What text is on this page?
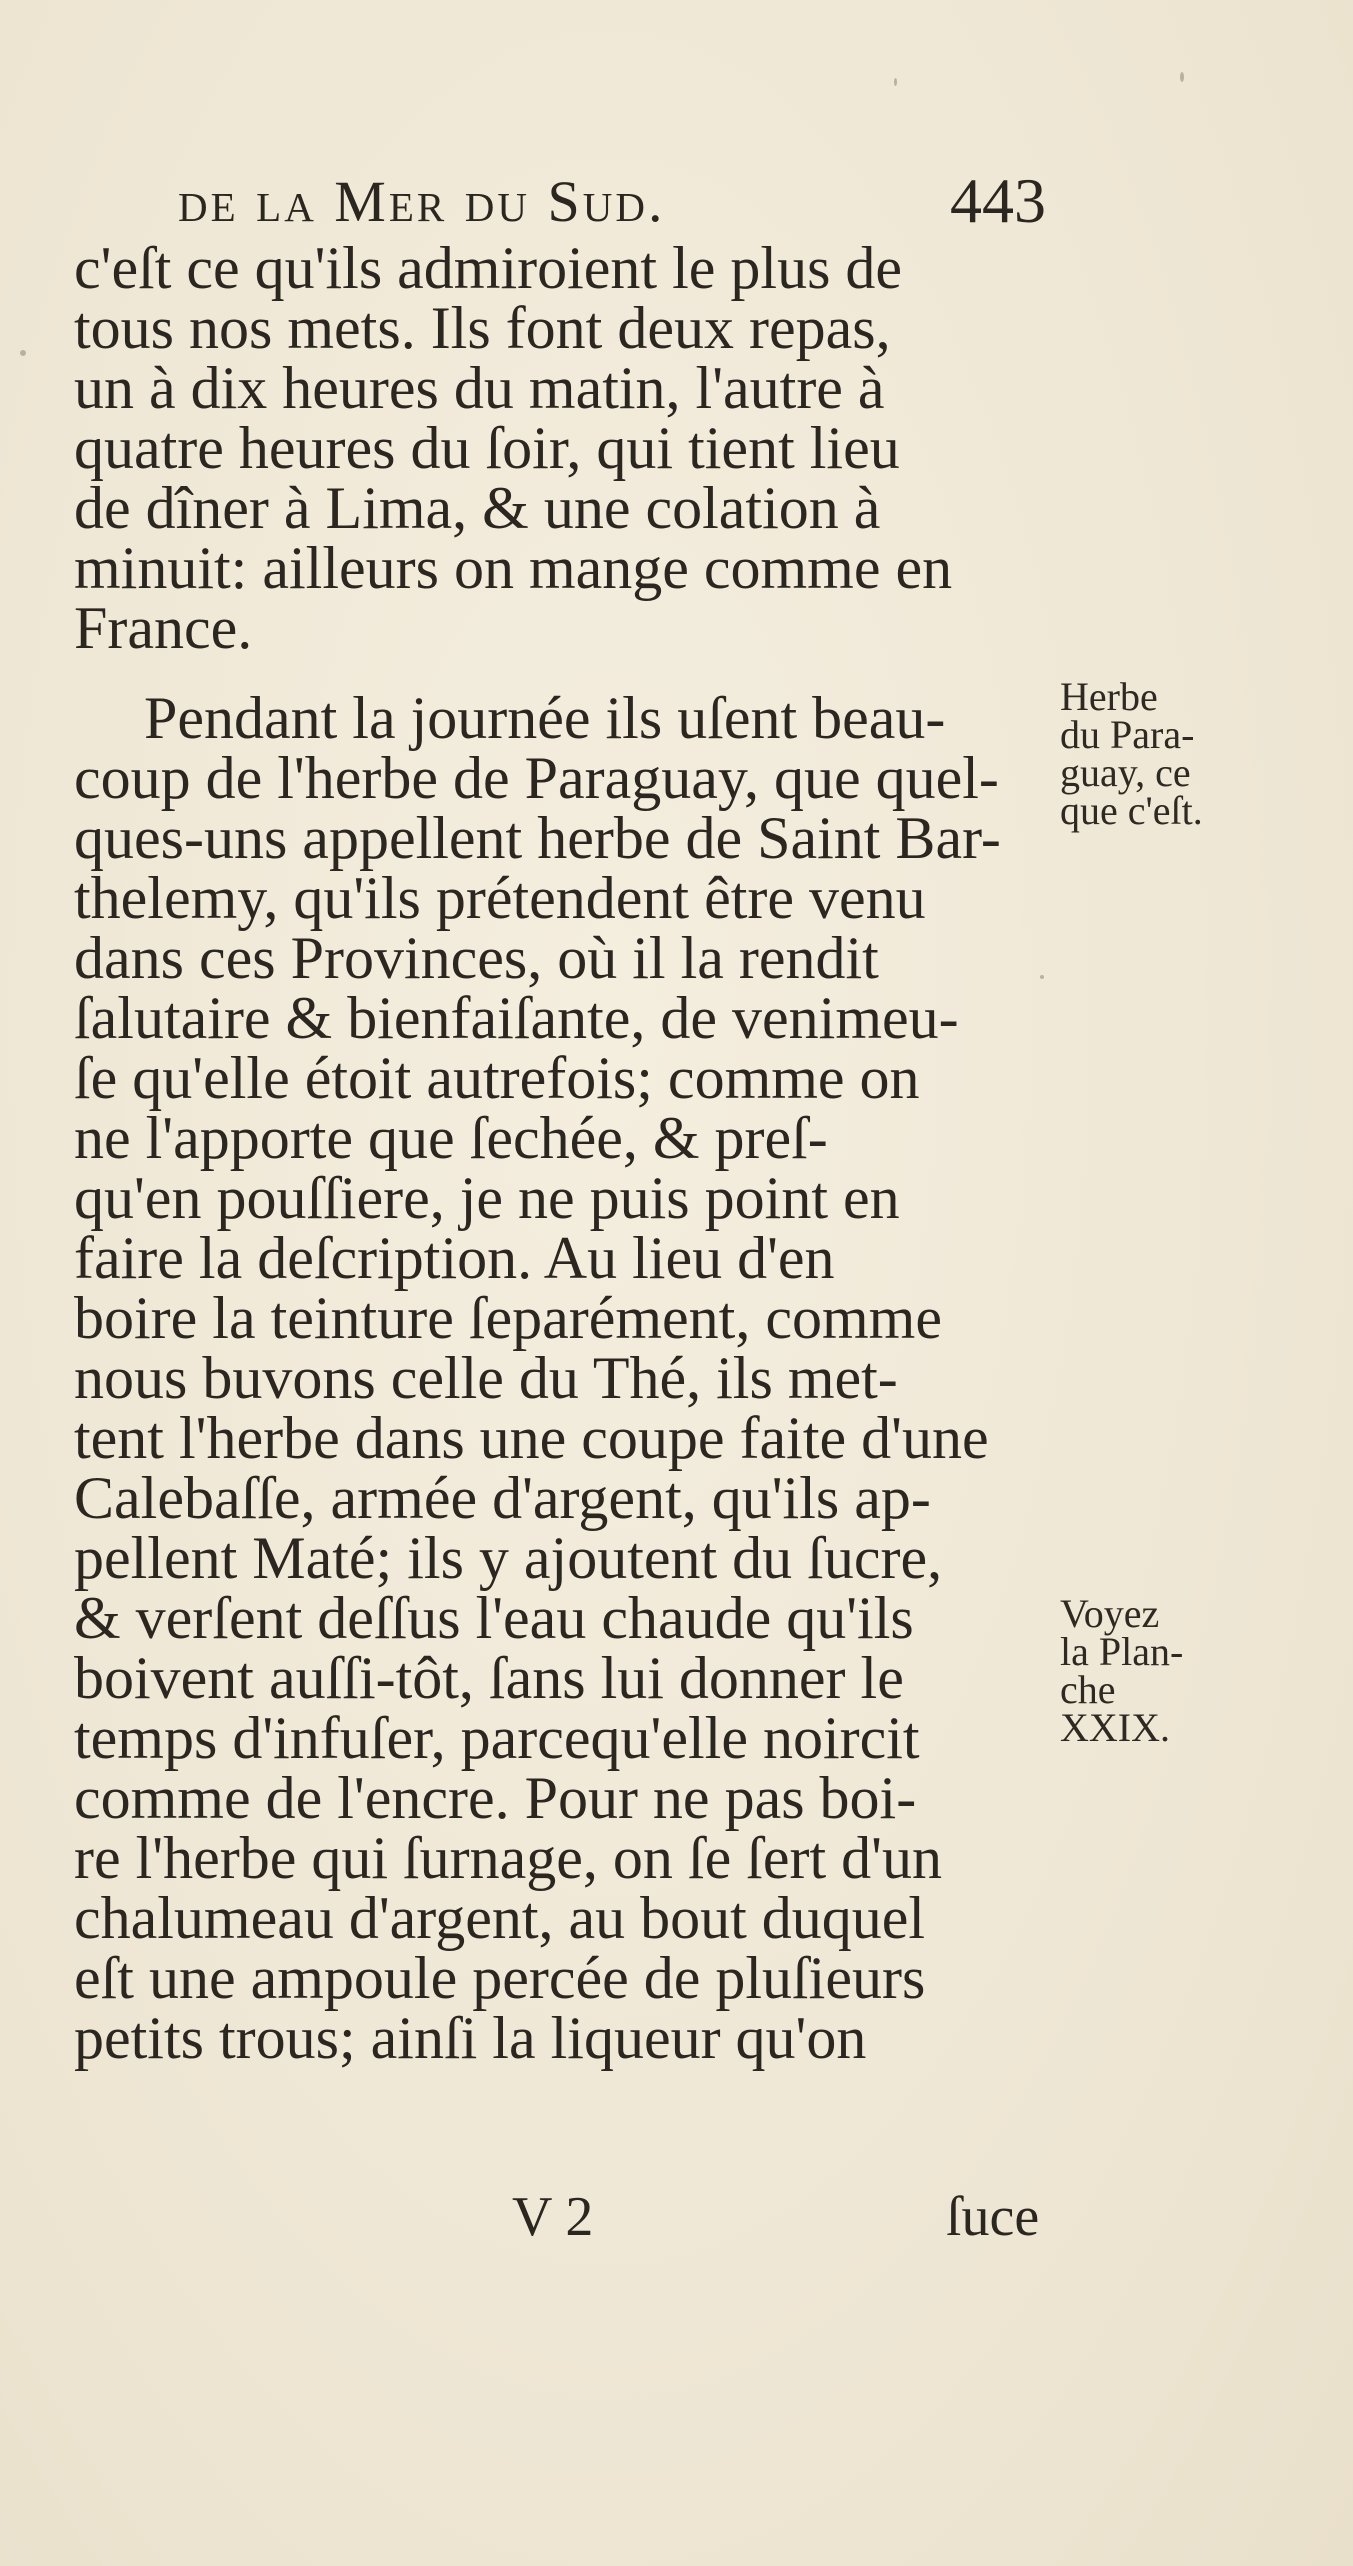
de la Mer du Sud.	443
c'eſt ce qu'ils admiroient le plus de
tous nos mets. Ils font deux repas,
un à dix heures du matin, l'autre à
quatre heures du ſoir, qui tient lieu
de dîner à Lima, & une colation à
minuit: ailleurs on mange comme en
France.
Pendant la journée ils uſent beau-
coup de l'herbe de Paraguay, que quel-
ques-uns appellent herbe de Saint Bar-
thelemy, qu'ils prétendent être venu
dans ces Provinces, où il la rendit
ſalutaire & bienfaiſante, de venimeu-
ſe qu'elle étoit autrefois; comme on
ne l'apporte que ſechée, & preſ-
qu'en pouſſiere, je ne puis point en
faire la deſcription. Au lieu d'en
boire la teinture ſeparément, comme
nous buvons celle du Thé, ils met-
tent l'herbe dans une coupe faite d'une
Calebaſſe, armée d'argent, qu'ils ap-
pellent Maté; ils y ajoutent du ſucre,
& verſent deſſus l'eau chaude qu'ils
boivent auſſi-tôt, ſans lui donner le
temps d'infuſer, parcequ'elle noircit
comme de l'encre. Pour ne pas boi-
re l'herbe qui ſurnage, on ſe ſert d'un
chalumeau d'argent, au bout duquel
eſt une ampoule percée de pluſieurs
petits trous; ainſi la liqueur qu'on
Herbe
du Para-
guay, ce
que c'eſt.
Voyez
la Plan-
che
XXIX.
V 2	ſuce
